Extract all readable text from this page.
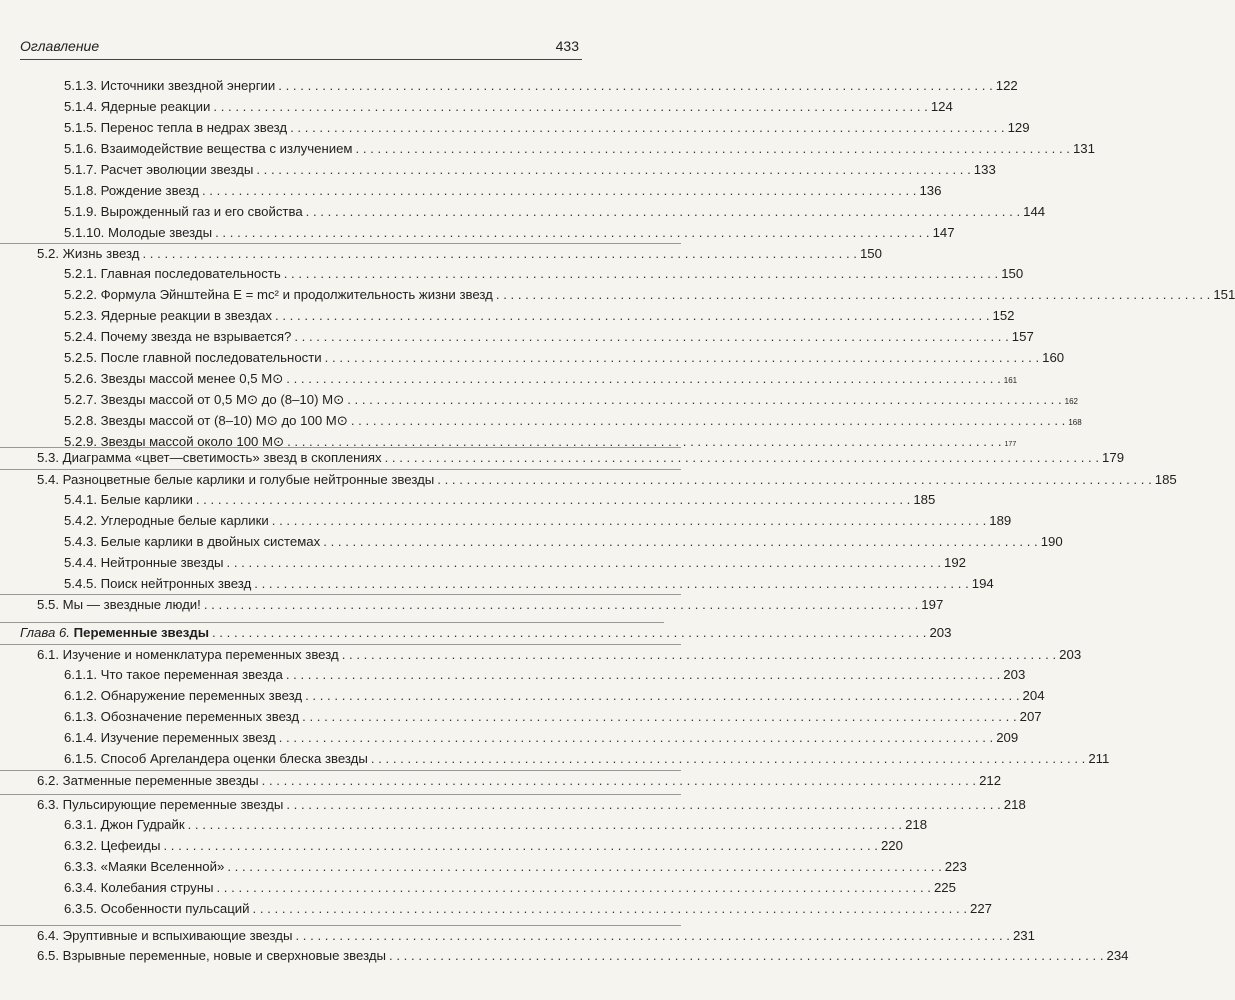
Оглавление	433
5.1.3. Источники звездной энергии . . .	122
5.1.4. Ядерные реакции . . .	124
5.1.5. Перенос тепла в недрах звезд . . .	129
5.1.6. Взаимодействие вещества с излучением . . .	131
5.1.7. Расчет эволюции звезды . . .	133
5.1.8. Рождение звезд . . .	136
5.1.9. Вырожденный газ и его свойства . . .	144
5.1.10. Молодые звезды . . .	147
5.2. Жизнь звезд . . .	150
5.2.1. Главная последовательность . . .	150
5.2.2. Формула Эйнштейна E = mc² и продолжительность жизни звезд . . .	151
5.2.3. Ядерные реакции в звездах . . .	152
5.2.4. Почему звезда не взрывается? . . .	157
5.2.5. После главной последовательности . . .	160
5.2.6. Звезды массой менее 0,5 M⊙ . . .	161
5.2.7. Звезды массой от 0,5 M⊙ до (8–10) M⊙ . . .	162
5.2.8. Звезды массой от (8–10) M⊙ до 100 M⊙ . . .	168
5.2.9. Звезды массой около 100 M⊙ . . .	177
5.3. Диаграмма «цвет—светимость» звезд в скоплениях . . .	179
5.4. Разноцветные белые карлики и голубые нейтронные звезды . . .	185
5.4.1. Белые карлики . . .	185
5.4.2. Углеродные белые карлики . . .	189
5.4.3. Белые карлики в двойных системах . . .	190
5.4.4. Нейтронные звезды . . .	192
5.4.5. Поиск нейтронных звезд . . .	194
5.5. Мы — звездные люди! . . .	197
Глава 6. Переменные звезды . . .	203
6.1. Изучение и номенклатура переменных звезд . . .	203
6.1.1. Что такое переменная звезда . . .	203
6.1.2. Обнаружение переменных звезд . . .	204
6.1.3. Обозначение переменных звезд . . .	207
6.1.4. Изучение переменных звезд . . .	209
6.1.5. Способ Аргеландера оценки блеска звезды . . .	211
6.2. Затменные переменные звезды . . .	212
6.3. Пульсирующие переменные звезды . . .	218
6.3.1. Джон Гудрайк . . .	218
6.3.2. Цефеиды . . .	220
6.3.3. «Маяки Вселенной» . . .	223
6.3.4. Колебания струны . . .	225
6.3.5. Особенности пульсаций . . .	227
6.4. Эруптивные и вспыхивающие звезды . . .	231
6.5. Взрывные переменные, новые и сверхновые звезды . . .	234
